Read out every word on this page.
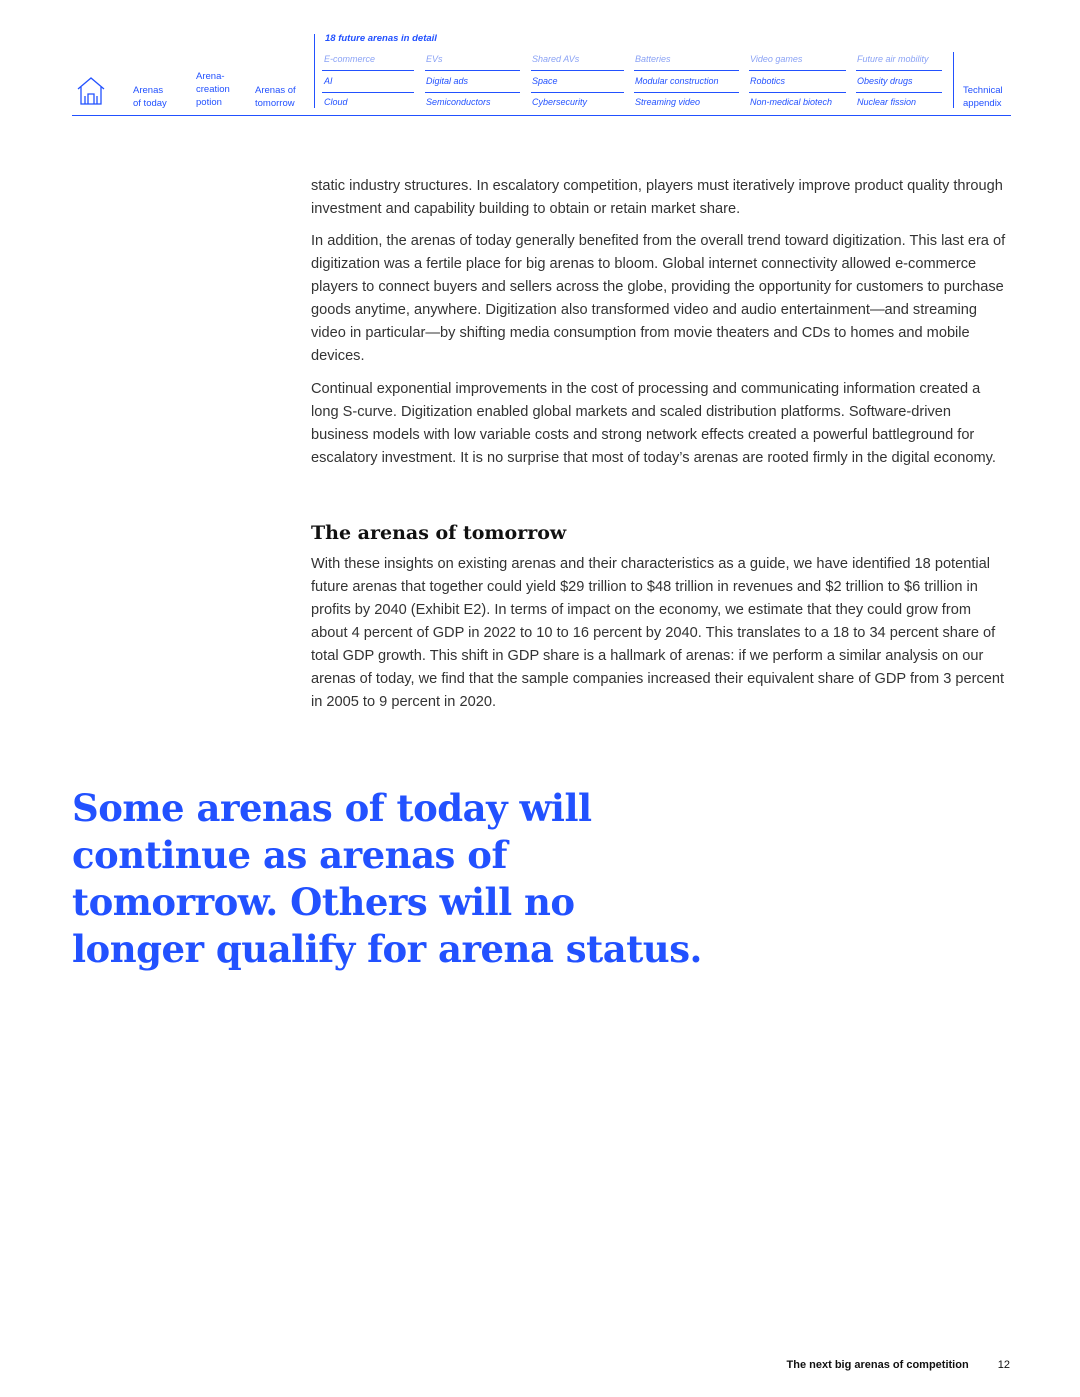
Arenas
of today
Arena-
creation
potion
Arenas of
tomorrow
18 future arenas in detail
E-commerce	EVs	Shared AVs	Batteries	Video games	Future air mobility
AI	Digital ads	Space	Modular construction	Robotics	Obesity drugs
Cloud	Semiconductors	Cybersecurity	Streaming video	Non-medical biotech	Nuclear fission
Technical
appendix

static industry structures. In escalatory competition, players must iteratively improve product quality through investment and capability building to obtain or retain market share.

In addition, the arenas of today generally benefited from the overall trend toward digitization. This last era of digitization was a fertile place for big arenas to bloom. Global internet connectivity allowed e-commerce players to connect buyers and sellers across the globe, providing the opportunity for customers to purchase goods anytime, anywhere. Digitization also transformed video and audio entertainment—and streaming video in particular—by shifting media consumption from movie theaters and CDs to homes and mobile devices.

Continual exponential improvements in the cost of processing and communicating information created a long S-curve. Digitization enabled global markets and scaled distribution platforms. Software-driven business models with low variable costs and strong network effects created a powerful battleground for escalatory investment. It is no surprise that most of today’s arenas are rooted firmly in the digital economy.

The arenas of tomorrow

With these insights on existing arenas and their characteristics as a guide, we have identified 18 potential future arenas that together could yield $29 trillion to $48 trillion in revenues and $2 trillion to $6 trillion in profits by 2040 (Exhibit E2). In terms of impact on the economy, we estimate that they could grow from about 4 percent of GDP in 2022 to 10 to 16 percent by 2040. This translates to a 18 to 34 percent share of total GDP growth. This shift in GDP share is a hallmark of arenas: if we perform a similar analysis on our arenas of today, we find that the sample companies increased their equivalent share of GDP from 3 percent in 2005 to 9 percent in 2020.

Some arenas of today will continue as arenas of tomorrow. Others will no longer qualify for arena status.

The next big arenas of competition	12
